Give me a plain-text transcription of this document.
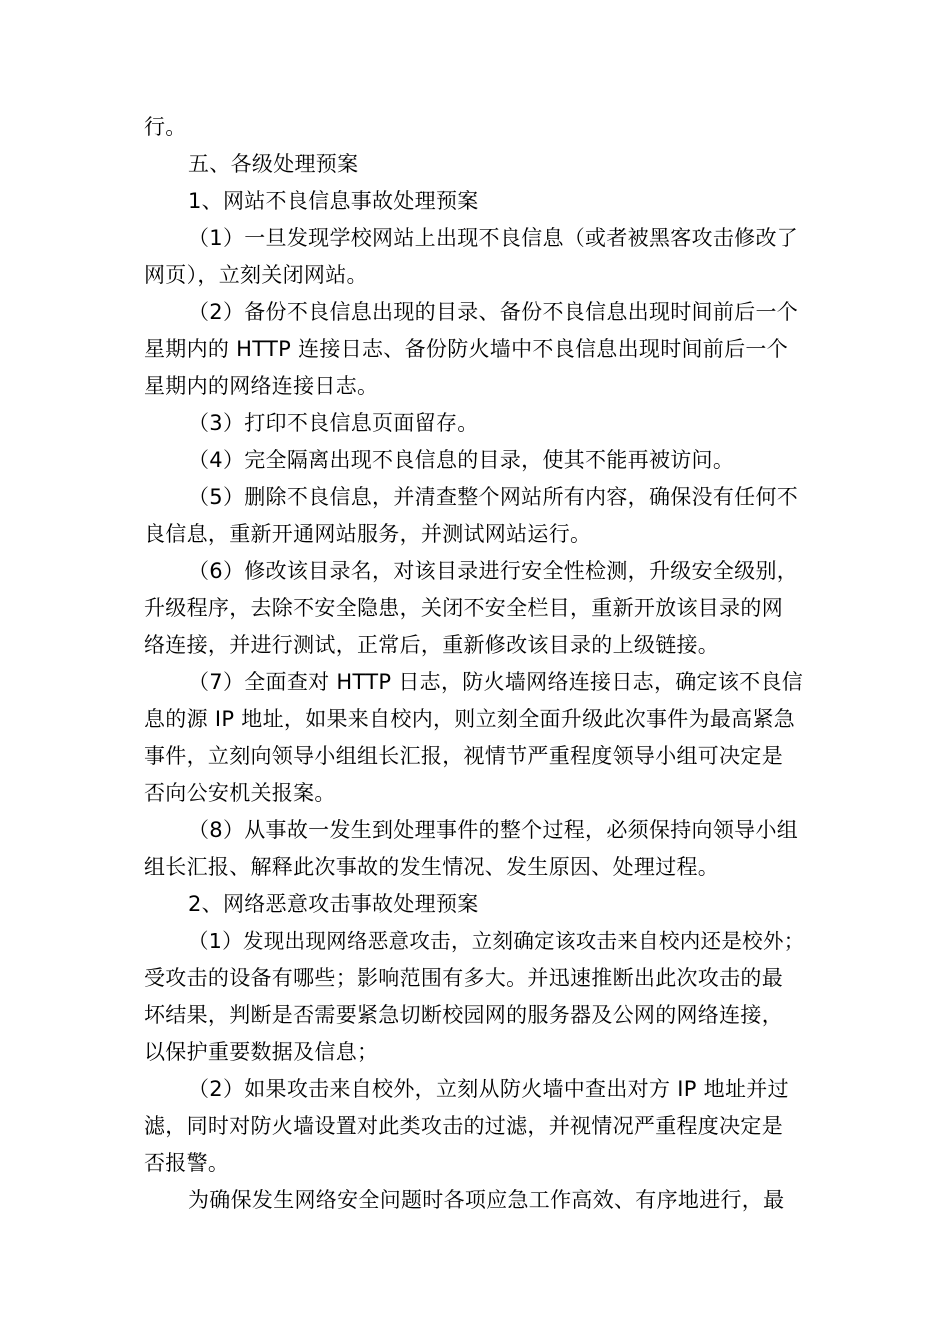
行。
五、各级处理预案
1、网站不良信息事故处理预案
（1）一旦发现学校网站上出现不良信息（或者被黑客攻击修改了
网页），立刻关闭网站。
（2）备份不良信息出现的目录、备份不良信息出现时间前后一个
星期内的 HTTP 连接日志、备份防火墙中不良信息出现时间前后一个
星期内的网络连接日志。
（3）打印不良信息页面留存。
（4）完全隔离出现不良信息的目录，使其不能再被访问。
（5）删除不良信息，并清查整个网站所有内容，确保没有任何不
良信息，重新开通网站服务，并测试网站运行。
（6）修改该目录名，对该目录进行安全性检测，升级安全级别，
升级程序，去除不安全隐患，关闭不安全栏目，重新开放该目录的网
络连接，并进行测试，正常后，重新修改该目录的上级链接。
（7）全面查对 HTTP 日志，防火墙网络连接日志，确定该不良信
息的源 IP 地址，如果来自校内，则立刻全面升级此次事件为最高紧急
事件，立刻向领导小组组长汇报，视情节严重程度领导小组可决定是
否向公安机关报案。
（8）从事故一发生到处理事件的整个过程，必须保持向领导小组
组长汇报、解释此次事故的发生情况、发生原因、处理过程。
2、网络恶意攻击事故处理预案
（1）发现出现网络恶意攻击，立刻确定该攻击来自校内还是校外；
受攻击的设备有哪些；影响范围有多大。并迅速推断出此次攻击的最
坏结果，判断是否需要紧急切断校园网的服务器及公网的网络连接，
以保护重要数据及信息；
（2）如果攻击来自校外，立刻从防火墙中查出对方 IP 地址并过
滤，同时对防火墙设置对此类攻击的过滤，并视情况严重程度决定是
否报警。
为确保发生网络安全问题时各项应急工作高效、有序地进行，最
